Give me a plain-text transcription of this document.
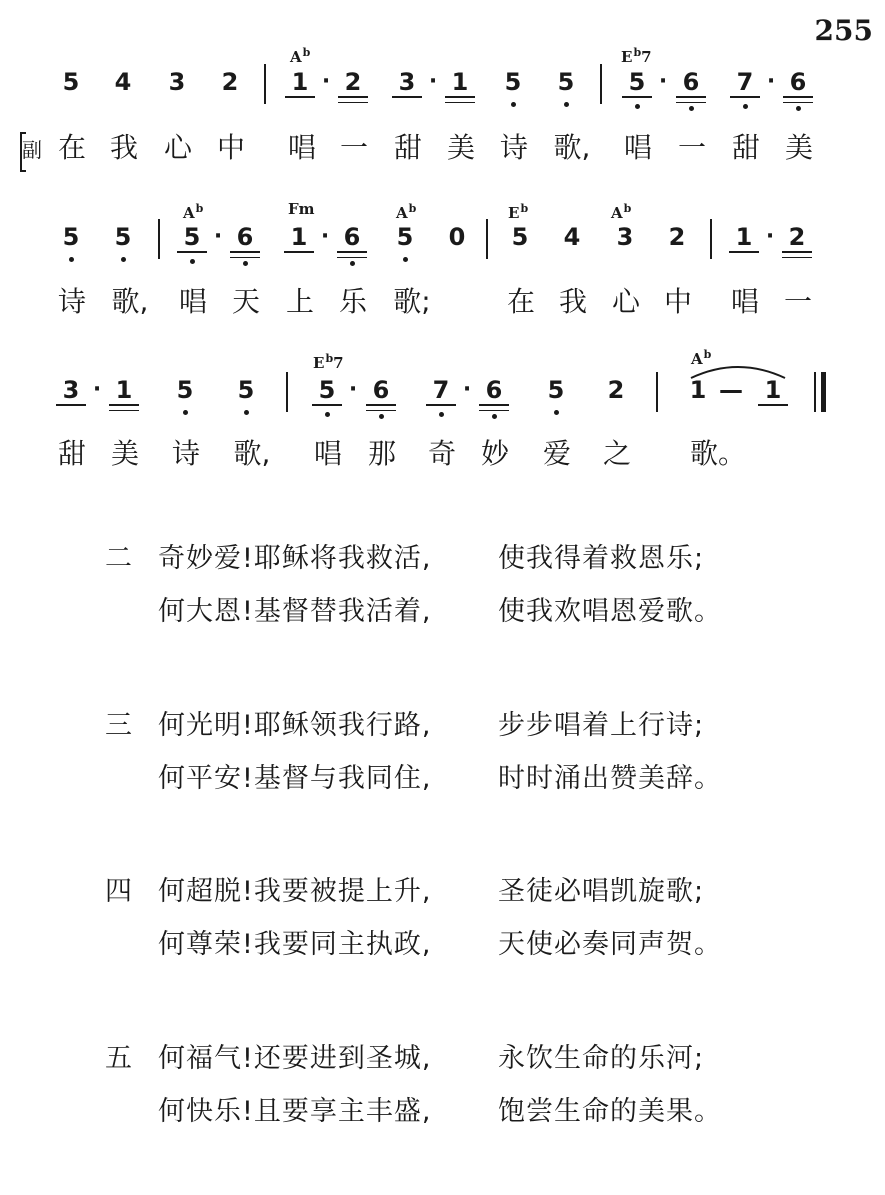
255
$A^b$	$E^b7$
5 4 3 2 1 · 2 3 · 1 5 5 5 · 6 7 · 6
副 在 我 心 中 唱 一 甜 美 诗 歌, 唱 一 甜 美
$A^b$	Fm	$A^b$	$E^b$	$A^b$
5 5 5 · 6 1 · 6 5 0 5 4 3 2 1 · 2
诗 歌, 唱 天 上 乐 歌;	在 我 心 中 唱 一
$E^b7$	$A^b$
3 · 1 5 5	5 · 6 7 · 6 5 2	1 — 1
甜 美 诗 歌, 唱 那 奇 妙 爱 之 歌。
二 奇妙爱!耶稣将我救活, 使我得着救恩乐;
何大恩!基督替我活着, 使我欢唱恩爱歌。
三 何光明!耶稣领我行路, 步步唱着上行诗;
何平安!基督与我同住, 时时涌出赞美辞。
四 何超脱!我要被提上升, 圣徒必唱凯旋歌;
何尊荣!我要同主执政, 天使必奏同声贺。
五 何福气!还要进到圣城, 永饮生命的乐河;
何快乐!且要享主丰盛, 饱尝生命的美果。
